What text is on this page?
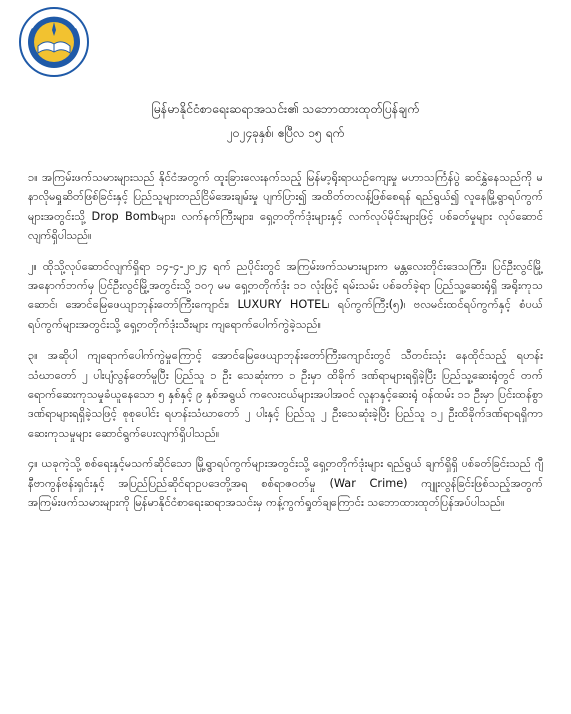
မြန်မာနိုင်ငံစာရေးဆရာအသင်း၏ သဘောထားထုတ်ပြန်ချက်

၂၀၂၄ခုနှစ်၊ ဧပြီလ ၁၅ ရက်

၁။ အကြမ်းဖက်သမားများသည် နိုင်ငံအတွက် ထူးခြားလေးနက်သည့် မြန်မာ့ရိုးရာယဉ်ကျေးမှု မဟာသင်္ကြန်ပွဲ ဆင်နွှဲနေသည်ကို မနာလိုမရှုဆိတ်ဖြစ်ခြင်းနှင့် ပြည်သူများတည်ငြိမ်အေးချမ်းမှု ပျက်ပြား၍ အထိတ်တလန့်ဖြစ်စေရန် ရည်ရွယ်၍ လူနေမြို့ရွာရပ်ကွက်များအတွင်းသို့ Drop Bombများ၊ လက်နက်ကြီးများ၊ ရှေ့တတိုက်ဒုံးများနှင့် လက်လုပ်မိုင်းများဖြင့် ပစ်ခတ်မှုများ လုပ်ဆောင်လျက်ရှိပါသည်။

၂။ ထိုသို့လုပ်ဆောင်လျက်ရှိရာ ၁၄-၄-၂၀၂၄ ရက် ညပိုင်းတွင် အကြမ်းဖက်သမားများက မန္တလေးတိုင်းဒေသကြီး၊ ပြင်ဦးလွင်မြို့အနောက်ဘက်မှ ပြင်ဦးလွင်မြို့အတွင်းသို့ ၁၀၇ မမ ရှေ့တတိုက်ဒုံး ၁၁ လုံးဖြင့် ရမ်းသမ်း ပစ်ခတ်ခဲ့ရာ ပြည်သူ့ဆေးရုံရှိ အရိုးကုသဆောင်၊ အောင်မြေဖေယျာဘုန်းတော်ကြီးကျောင်း၊ LUXURY HOTEL၊ ရပ်ကွက်ကြီး(၅)၊ ဗလမင်းထင်ရပ်ကွက်နှင့် စံပယ်ရပ်ကွက်များအတွင်းသို့ ရှေ့တတိုက်ဒုံးသီးများ ကျရောက်ပေါက်ကွဲခဲ့သည်။

၃။ အဆိုပါ ကျရောက်ပေါက်ကွဲမှုကြောင့် အောင်မြေဖေယျာဘုန်းတော်ကြီးကျောင်းတွင် သီတင်းသုံး နေထိုင်သည့် ရဟန်းသံဃာတော် ၂ ပါးပျံလွန်တော်မူပြီး ပြည်သူ ၁ ဦး သေဆုံးကာ ၁ ဦးမှာ ထိခိုက် ဒဏ်ရာများရရှိခဲ့ပြီး ပြည်သူ့ဆေးရုံတွင် တက်ရောက်ဆေးကုသမှုခံယူနေသော ၅ နှစ်နှင့် ၉ နှစ်အရွယ် ကလေးငယ်များအပါအဝင် လူနာနှင့်ဆေးရုံ ဝန်ထမ်း ၁၁ ဦးမှာ ပြင်းထန်စွာဒဏ်ရာများရရှိခဲ့သဖြင့် စုစုပေါင်း ရဟန်းသံဃာတော် ၂ ပါးနှင့် ပြည်သူ ၂ ဦးသေဆုံးခဲ့ပြီး ပြည်သူ ၁၂ ဦးထိခိုက်ဒဏ်ရာရရှိကာ ဆေးကုသမှုများ ဆောင်ရွက်ပေးလျက်ရှိပါသည်။

၄။ ယခုကဲ့သို့ စစ်ရေးနှင့်မသက်ဆိုင်သော မြို့ရွာရပ်ကွက်များအတွင်းသို့ ရှေ့တတိုက်ဒုံးများ ရည်ရွယ် ချက်ရှိရှိ ပစ်ခတ်ခြင်းသည် ဂျီနီဗာကွန်ဗန်းရှင်းနှင့် အပြည်ပြည်ဆိုင်ရာဥပဒေတို့အရ စစ်ရာဇဝတ်မှု (War Crime) ကျူးလွန်ခြင်းဖြစ်သည့်အတွက် အကြမ်းဖက်သမားများကို မြန်မာနိုင်ငံစာရေးဆရာအသင်းမှ ကန့်ကွက်ရှုတ်ချကြောင်း သဘောထားထုတ်ပြန်အပ်ပါသည်။
